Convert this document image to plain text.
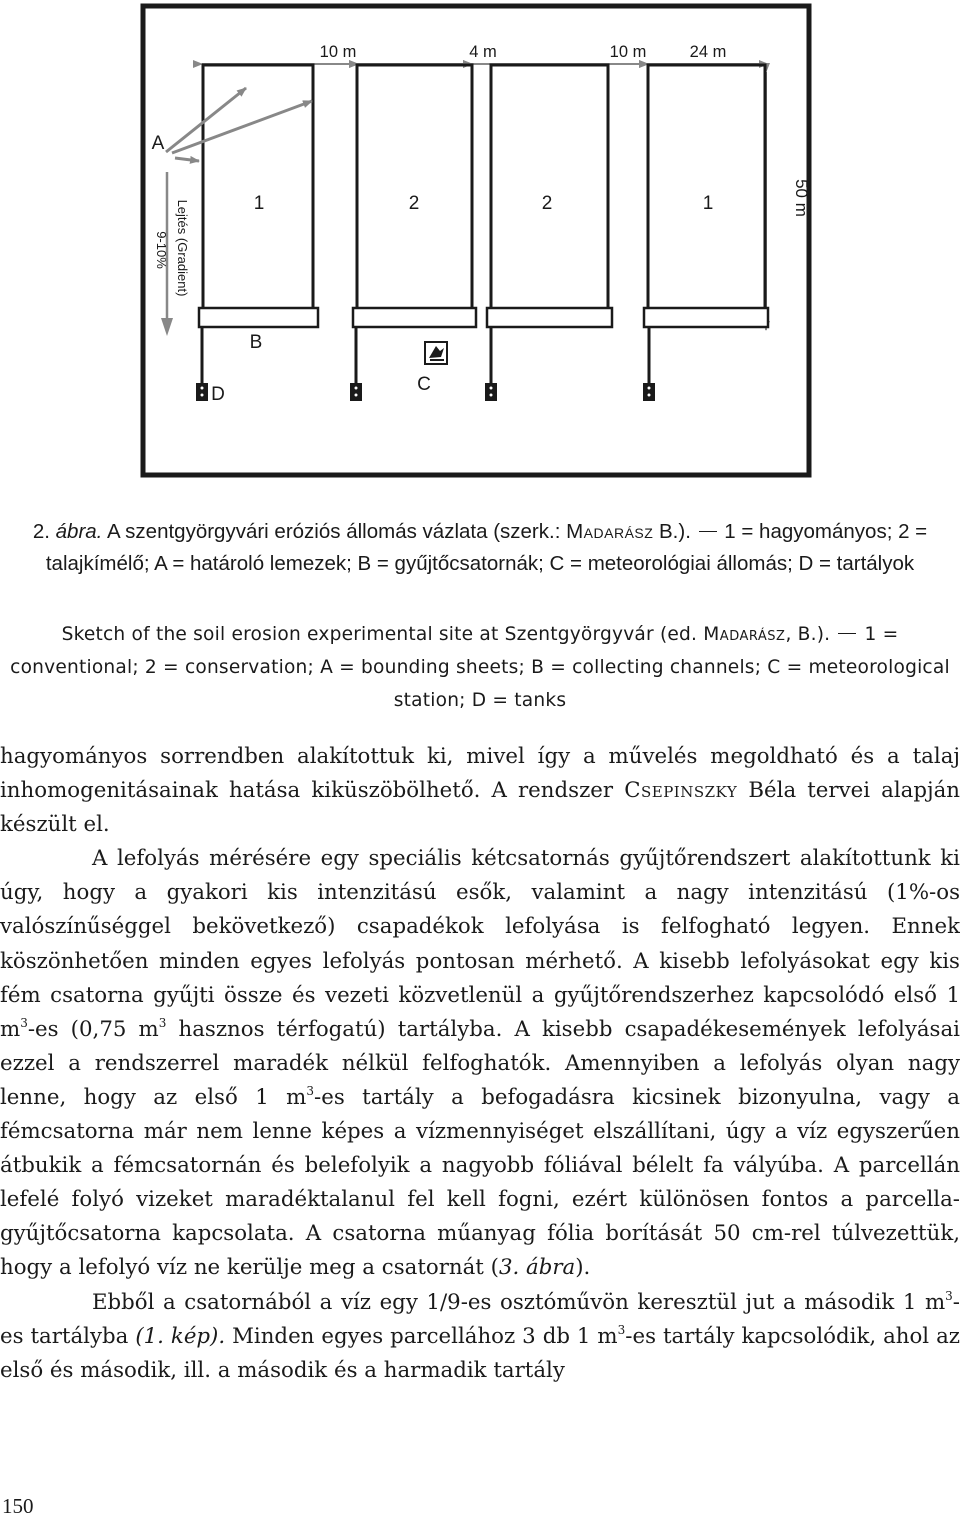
10 m	4 m	10 m	24 m
50 m
Lejtés (Gradient)
9-10%
A
B
C
D
1	2	2	1
2. ábra. A szentgyörgyvári eróziós állomás vázlata (szerk.: Madarász B.).  1 = hagyományos; 2 = talajkímélő; A = határoló lemezek; B = gyűjtőcsatornák; C = meteorológiai állomás; D = tartályok
Sketch of the soil erosion experimental site at Szentgyörgyvár (ed. Madarász, B.).  1 = conventional; 2 = conservation; A = bounding sheets; B = collecting channels; C = meteorological station; D = tanks

hagyományos sorrendben alakítottuk ki, mivel így a művelés megoldható és a talaj inhomogenitásainak hatása kiküszöbölhető. A rendszer Csepinszky Béla tervei alapján készült el.

A lefolyás mérésére egy speciális kétcsatornás gyűjtőrendszert alakítottunk ki úgy, hogy a gyakori kis intenzitású esők, valamint a nagy intenzitású (1%-os valószínűséggel bekövetkező) csapadékok lefolyása is felfogható legyen. Ennek köszönhetően minden egyes lefolyás pontosan mérhető. A kisebb lefolyásokat egy kis fém csatorna gyűjti össze és vezeti közvetlenül a gyűjtőrendszerhez kapcsolódó első 1 $m^3-es$ (0,75 $m^3$ hasznos térfogatú) tartályba. A kisebb csapadékesemények lefolyásai ezzel a rendszerrel maradék nélkül felfoghatók. Amennyiben a lefolyás olyan nagy lenne, hogy az első 1 $m^3-es$ tartály a befogadásra kicsinek bizonyulna, vagy a fémcsatorna már nem lenne képes a vízmennyiséget elszállítani, úgy a víz egyszerűen átbukik a fémcsatornán és belefolyik a nagyobb fóliával bélelt fa vályúba. A parcellán lefelé folyó vizeket maradéktalanul fel kell fogni, ezért különösen fontos a parcella-gyűjtőcsatorna kapcsolata. A csatorna műanyag fólia borítását 50 cm-rel túlvezettük, hogy a lefolyó víz ne kerülje meg a csatornát (3. ábra).

Ebből a csatornából a víz egy 1/9-es osztóművön keresztül jut a második 1 $m^3-es$ tartályba (1. kép). Minden egyes parcellához 3 db 1 $m^3-es$ tartály kapcsolódik, ahol az első és második, ill. a második és a harmadik tartály

150
